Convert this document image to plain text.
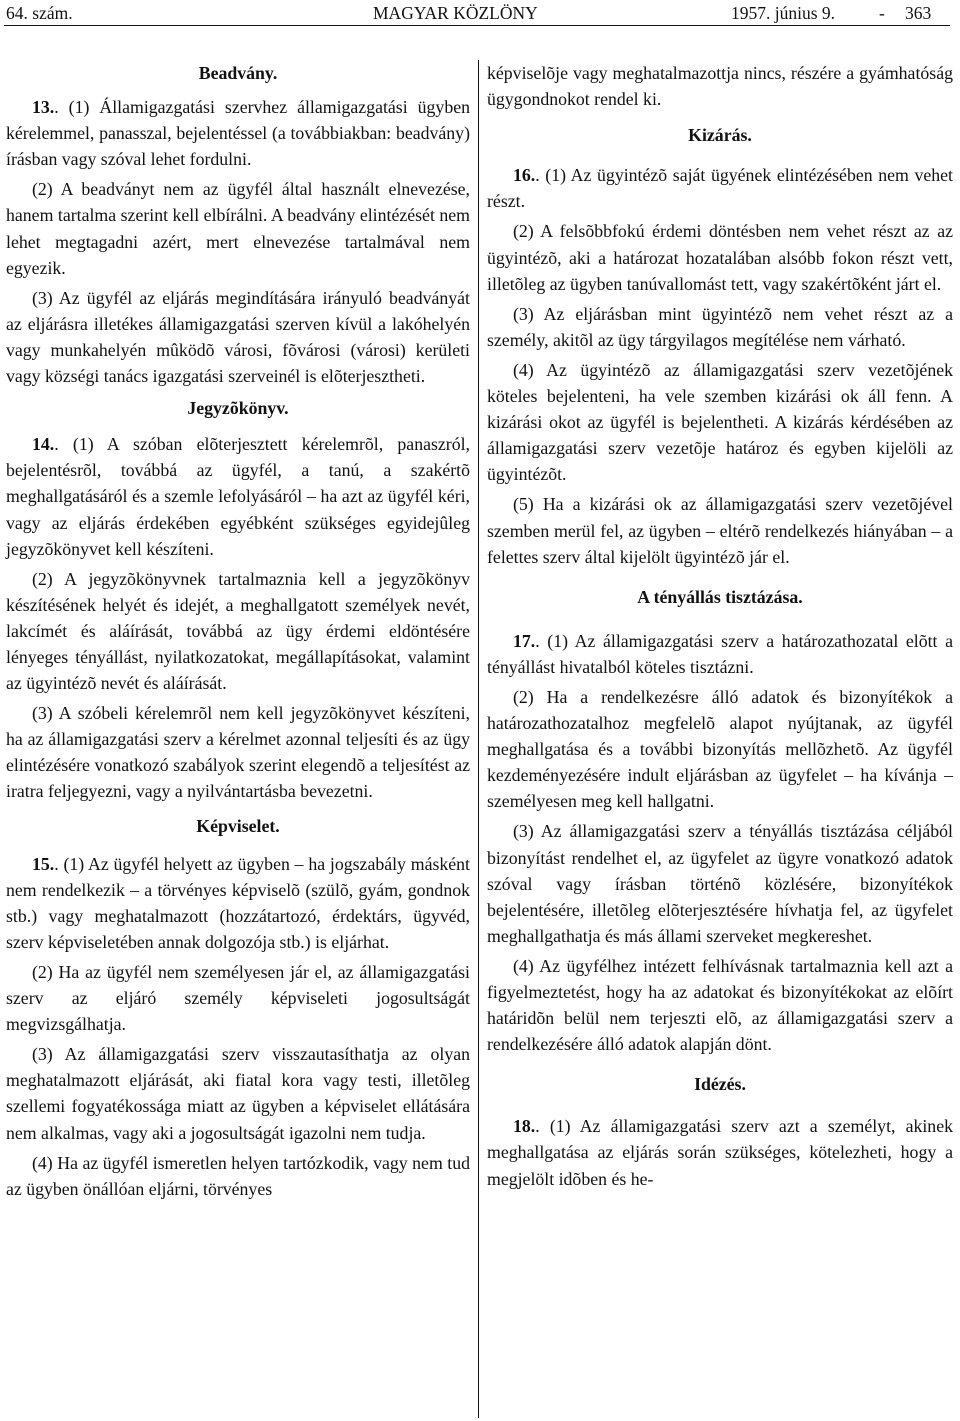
64. szám.	MAGYAR KÖZLÖNY	1957. június 9.	- 363

Beadvány.

13.. (1) Államigazgatási szervhez államigazgatási ügyben kérelemmel, panasszal, bejelentéssel (a továbbiakban: beadvány) írásban vagy szóval lehet fordulni.

(2) A beadványt nem az ügyfél által használt elnevezése, hanem tartalma szerint kell elbírálni. A beadvány elintézését nem lehet megtagadni azért, mert elnevezése tartalmával nem egyezik.

(3) Az ügyfél az eljárás megindítására irányuló beadványát az eljárásra illetékes államigazgatási szerven kívül a lakóhelyén vagy munkahelyén mûködõ városi, fõvárosi (városi) kerületi vagy községi tanács igazgatási szerveinél is elõterjesztheti.

Jegyzõkönyv.

14.. (1) A szóban elõterjesztett kérelemrõl, panaszról, bejelentésrõl, továbbá az ügyfél, a tanú, a szakértõ meghallgatásáról és a szemle lefolyásáról – ha azt az ügyfél kéri, vagy az eljárás érdekében egyébként szükséges egyidejûleg jegyzõkönyvet kell készíteni.

(2) A jegyzõkönyvnek tartalmaznia kell a jegyzõkönyv készítésének helyét és idejét, a meghallgatott személyek nevét, lakcímét és aláírását, továbbá az ügy érdemi eldöntésére lényeges tényállást, nyilatkozatokat, megállapításokat, valamint az ügyintézõ nevét és aláírását.

(3) A szóbeli kérelemrõl nem kell jegyzõkönyvet készíteni, ha az államigazgatási szerv a kérelmet azonnal teljesíti és az ügy elintézésére vonatkozó szabályok szerint elegendõ a teljesítést az iratra feljegyezni, vagy a nyilvántartásba bevezetni.

Képviselet.

15.. (1) Az ügyfél helyett az ügyben – ha jogszabály másként nem rendelkezik – a törvényes képviselõ (szülõ, gyám, gondnok stb.) vagy meghatalmazott (hozzátartozó, érdektárs, ügyvéd, szerv képviseletében annak dolgozója stb.) is eljárhat.

(2) Ha az ügyfél nem személyesen jár el, az államigazgatási szerv az eljáró személy képviseleti jogosultságát megvizsgálhatja.

(3) Az államigazgatási szerv visszautasíthatja az olyan meghatalmazott eljárását, aki fiatal kora vagy testi, illetõleg szellemi fogyatékossága miatt az ügyben a képviselet ellátására nem alkalmas, vagy aki a jogosultságát igazolni nem tudja.

(4) Ha az ügyfél ismeretlen helyen tartózkodik, vagy nem tud az ügyben önállóan eljárni, törvényes

képviselõje vagy meghatalmazottja nincs, részére a gyámhatóság ügygondnokot rendel ki.

Kizárás.

16.. (1) Az ügyintézõ saját ügyének elintézésében nem vehet részt.

(2) A felsõbbfokú érdemi döntésben nem vehet részt az az ügyintézõ, aki a határozat hozatalában alsóbb fokon részt vett, illetõleg az ügyben tanúvallomást tett, vagy szakértõként járt el.

(3) Az eljárásban mint ügyintézõ nem vehet részt az a személy, akitõl az ügy tárgyilagos megítélése nem várható.

(4) Az ügyintézõ az államigazgatási szerv vezetõjének köteles bejelenteni, ha vele szemben kizárási ok áll fenn. A kizárási okot az ügyfél is bejelentheti. A kizárás kérdésében az államigazgatási szerv vezetõje határoz és egyben kijelöli az ügyintézõt.

(5) Ha a kizárási ok az államigazgatási szerv vezetõjével szemben merül fel, az ügyben – eltérõ rendelkezés hiányában – a felettes szerv által kijelölt ügyintézõ jár el.

A tényállás tisztázása.

17.. (1) Az államigazgatási szerv a határozathozatal elõtt a tényállást hivatalból köteles tisztázni.

(2) Ha a rendelkezésre álló adatok és bizonyítékok a határozathozatalhoz megfelelõ alapot nyújtanak, az ügyfél meghallgatása és a további bizonyítás mellõzhetõ. Az ügyfél kezdeményezésére indult eljárásban az ügyfelet – ha kívánja – személyesen meg kell hallgatni.

(3) Az államigazgatási szerv a tényállás tisztázása céljából bizonyítást rendelhet el, az ügyfelet az ügyre vonatkozó adatok szóval vagy írásban történõ közlésére, bizonyítékok bejelentésére, illetõleg elõterjesztésére hívhatja fel, az ügyfelet meghallgathatja és más állami szerveket megkereshet.

(4) Az ügyfélhez intézett felhívásnak tartalmaznia kell azt a figyelmeztetést, hogy ha az adatokat és bizonyítékokat az elõírt határidõn belül nem terjeszti elõ, az államigazgatási szerv a rendelkezésére álló adatok alapján dönt.

Idézés.

18.. (1) Az államigazgatási szerv azt a személyt, akinek meghallgatása az eljárás során szükséges, kötelezheti, hogy a megjelölt idõben és he-
